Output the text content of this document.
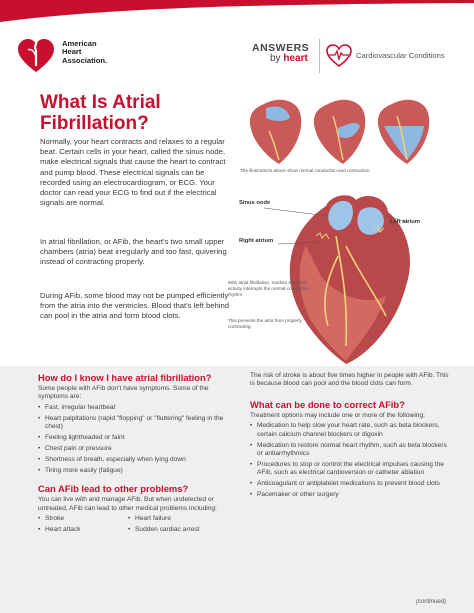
American
Heart
Association.
ANSWERS
by heart	Cardiovascular Conditions
What Is Atrial Fibrillation?

Normally, your heart contracts and relaxes to a regular beat. Certain cells in your heart, called the sinus node, make electrical signals that cause the heart to contract and pump blood. These electrical signals can be recorded using an electrocardiogram, or ECG. Your doctor can read your ECG to find out if the electrical signals are normal.

In atrial fibrillation, or AFib, the heart's two small upper chambers (atria) beat irregularly and too fast, quivering instead of contracting properly.

During AFib, some blood may not be pumped efficiently from the atria into the ventricles. Blood that's left behind can pool in the atria and form blood clots.

The illustrations above show normal conduction and contraction.
Sinus node
Left atrium
Right atrium
With atrial fibrillation, random electrical activity interrupts the normal conduction rhythm.
This prevents the atria from properly contracting.
How do I know I have atrial fibrillation?

Some people with AFib don't have symptoms. Some of the symptoms are:

• Fast, irregular heartbeat
• Heart palpitations (rapid "flopping" or "fluttering" feeling in the chest)
• Feeling lightheaded or faint
• Chest pain or pressure
• Shortness of breath, especially when lying down
• Tiring more easily (fatigue)
Can AFib lead to other problems?

You can live with and manage AFib. But when undetected or untreated, AFib can lead to other medical problems including:

• Stroke
• Heart attack
• Heart failure
• Sudden cardiac arrest

The risk of stroke is about five times higher in people with AFib. This is because blood can pool and the blood clots can form.

What can be done to correct AFib?

Treatment options may include one or more of the following:

• Medication to help slow your heart rate, such as beta blockers, certain calcium channel blockers or digoxin
• Medication to restore normal heart rhythm, such as beta blockers or antiarrhythmics
• Procedures to stop or control the electrical impulses causing the AFib, such as electrical cardioversion or catheter ablation
• Anticoagulant or antiplatelet medications to prevent blood clots
• Pacemaker or other surgery
(continued)
